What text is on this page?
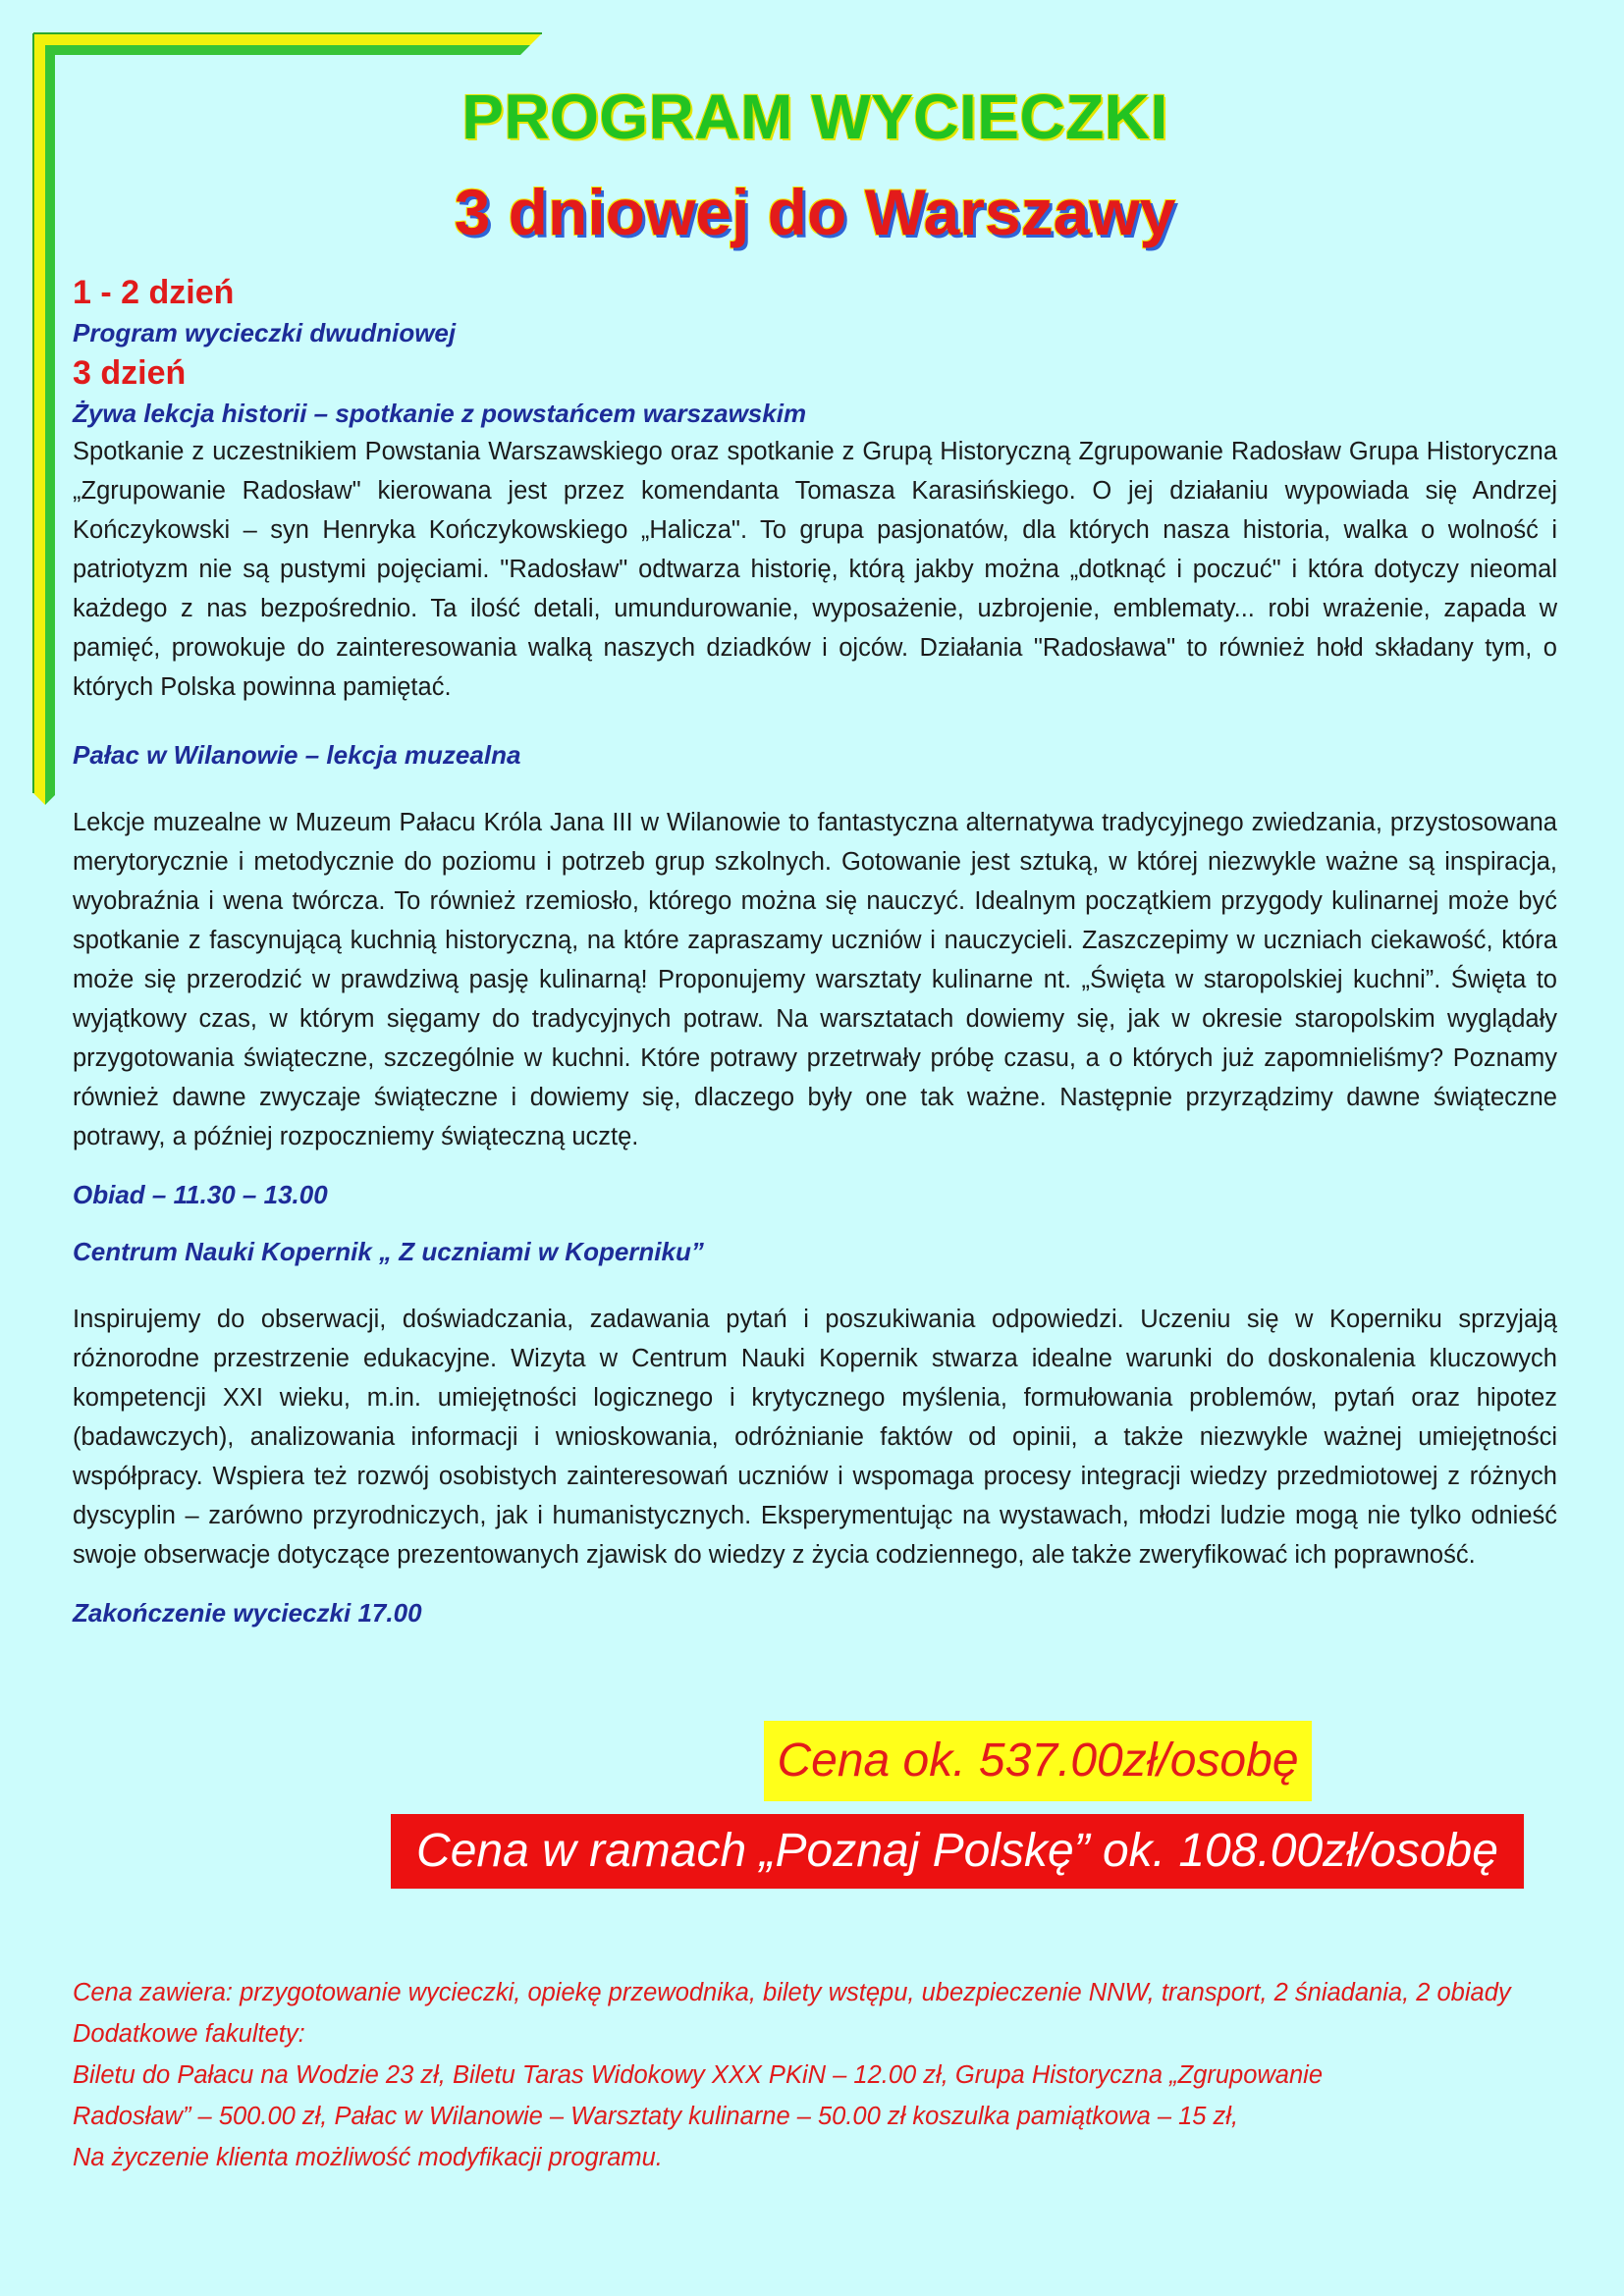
PROGRAM WYCIECZKI
3 dniowej do Warszawy

1 - 2 dzień

Program wycieczki dwudniowej

3 dzień

Żywa lekcja historii – spotkanie z powstańcem warszawskim

Spotkanie z uczestnikiem Powstania Warszawskiego oraz spotkanie z Grupą Historyczną Zgrupowanie Radosław Grupa Historyczna „Zgrupowanie Radosław" kierowana jest przez komendanta Tomasza Karasińskiego. O jej działaniu wypowiada się Andrzej Kończykowski – syn Henryka Kończykowskiego „Halicza". To grupa pasjonatów, dla których nasza historia, walka o wolność i patriotyzm nie są pustymi pojęciami. "Radosław" odtwarza historię, którą jakby można „dotknąć i poczuć" i która dotyczy nieomal każdego z nas bezpośrednio. Ta ilość detali, umundurowanie, wyposażenie, uzbrojenie, emblematy... robi wrażenie, zapada w pamięć, prowokuje do zainteresowania walką naszych dziadków i ojców. Działania "Radosława" to również hołd składany tym, o których Polska powinna pamiętać.

Pałac w Wilanowie – lekcja muzealna

Lekcje muzealne w Muzeum Pałacu Króla Jana III w Wilanowie to fantastyczna alternatywa tradycyjnego zwiedzania, przystosowana merytorycznie i metodycznie do poziomu i potrzeb grup szkolnych. Gotowanie jest sztuką, w której niezwykle ważne są inspiracja, wyobraźnia i wena twórcza. To również rzemiosło, którego można się nauczyć. Idealnym początkiem przygody kulinarnej może być spotkanie z fascynującą kuchnią historyczną, na które zapraszamy uczniów i nauczycieli. Zaszczepimy w uczniach ciekawość, która może się przerodzić w prawdziwą pasję kulinarną! Proponujemy warsztaty kulinarne nt. „Święta w staropolskiej kuchni”. Święta to wyjątkowy czas, w którym sięgamy do tradycyjnych potraw. Na warsztatach dowiemy się, jak w okresie staropolskim wyglądały przygotowania świąteczne, szczególnie w kuchni. Które potrawy przetrwały próbę czasu, a o których już zapomnieliśmy? Poznamy również dawne zwyczaje świąteczne i dowiemy się, dlaczego były one tak ważne. Następnie przyrządzimy dawne świąteczne potrawy, a później rozpoczniemy świąteczną ucztę.

Obiad – 11.30 – 13.00

Centrum Nauki Kopernik „ Z uczniami w Koperniku”

Inspirujemy do obserwacji, doświadczania, zadawania pytań i poszukiwania odpowiedzi. Uczeniu się w Koperniku sprzyjają różnorodne przestrzenie edukacyjne. Wizyta w Centrum Nauki Kopernik stwarza idealne warunki do doskonalenia kluczowych kompetencji XXI wieku, m.in. umiejętności logicznego i krytycznego myślenia, formułowania problemów, pytań oraz hipotez (badawczych), analizowania informacji i wnioskowania, odróżnianie faktów od opinii, a także niezwykle ważnej umiejętności współpracy. Wspiera też rozwój osobistych zainteresowań uczniów i wspomaga procesy integracji wiedzy przedmiotowej z różnych dyscyplin – zarówno przyrodniczych, jak i humanistycznych. Eksperymentując na wystawach, młodzi ludzie mogą nie tylko odnieść swoje obserwacje dotyczące prezentowanych zjawisk do wiedzy z życia codziennego, ale także zweryfikować ich poprawność.

Zakończenie wycieczki 17.00

Cena ok. 537.00zł/osobę
Cena w ramach „Poznaj Polskę” ok. 108.00zł/osobę

Cena zawiera: przygotowanie wycieczki, opiekę przewodnika, bilety wstępu, ubezpieczenie NNW, transport, 2 śniadania, 2 obiady

Dodatkowe fakultety:

Biletu do Pałacu na Wodzie 23 zł, Biletu Taras Widokowy XXX PKiN – 12.00 zł, Grupa Historyczna „Zgrupowanie

Radosław” – 500.00 zł, Pałac w Wilanowie – Warsztaty kulinarne – 50.00 zł koszulka pamiątkowa – 15 zł,

Na życzenie klienta możliwość modyfikacji programu.
